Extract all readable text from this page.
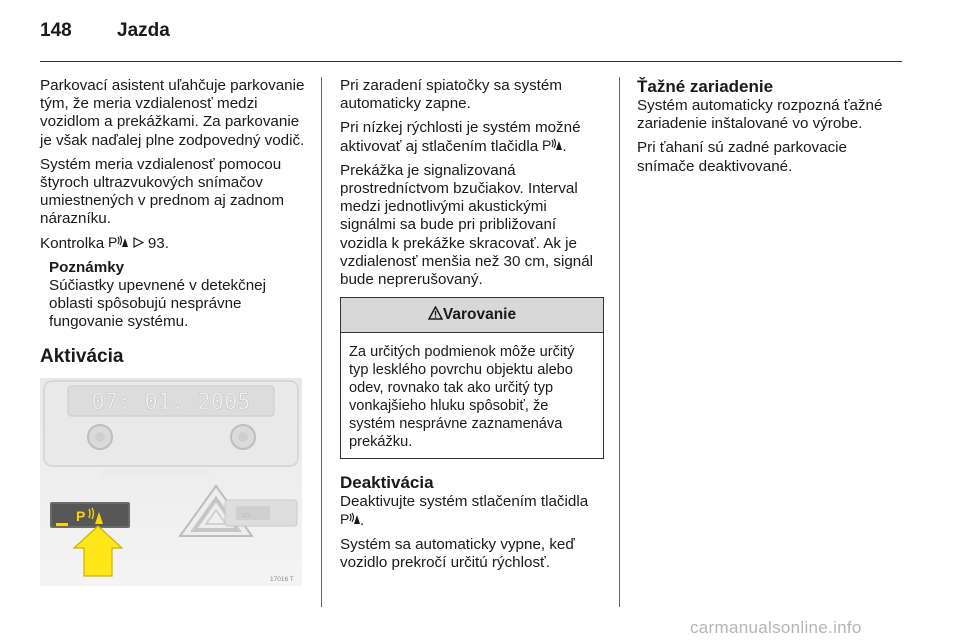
148 Jazda

Parkovací asistent uľahčuje parkovanie tým, že meria vzdialenosť medzi vozidlom a prekážkami. Za parkovanie je však naďalej plne zodpovedný vodič.

Systém meria vzdialenosť pomocou štyroch ultrazvukových snímačov umiestnených v prednom aj zadnom nárazníku.

Kontrolka P 93.

Poznámky
Súčiastky upevnené v detekčnej oblasti spôsobujú nesprávne fungovanie systému.
Aktivácia
07: 01. 2005
P	▭
17016 T

Pri zaradení spiatočky sa systém automaticky zapne.

Pri nízkej rýchlosti je systém možné aktivovať aj stlačením tlačidla P .

Prekážka je signalizovaná prostredníctvom bzučiakov. Interval medzi jednotlivými akustickými signálmi sa bude pri približovaní vozidla k prekážke skracovať. Ak je vzdialenosť menšia než 30 cm, signál bude neprerušovaný.

Varovanie
Za určitých podmienok môže určitý typ lesklého povrchu objektu alebo odev, rovnako tak ako určitý typ vonkajšieho hluku spôsobiť, že systém nesprávne zaznamenáva prekážku.
Deaktivácia

Deaktivujte systém stlačením tlačidla
P .

Systém sa automaticky vypne, keď vozidlo prekročí určitú rýchlosť.

Ťažné zariadenie

Systém automaticky rozpozná ťažné zariadenie inštalované vo výrobe.

Pri ťahaní sú zadné parkovacie snímače deaktivované.

carmanualsonline.info
